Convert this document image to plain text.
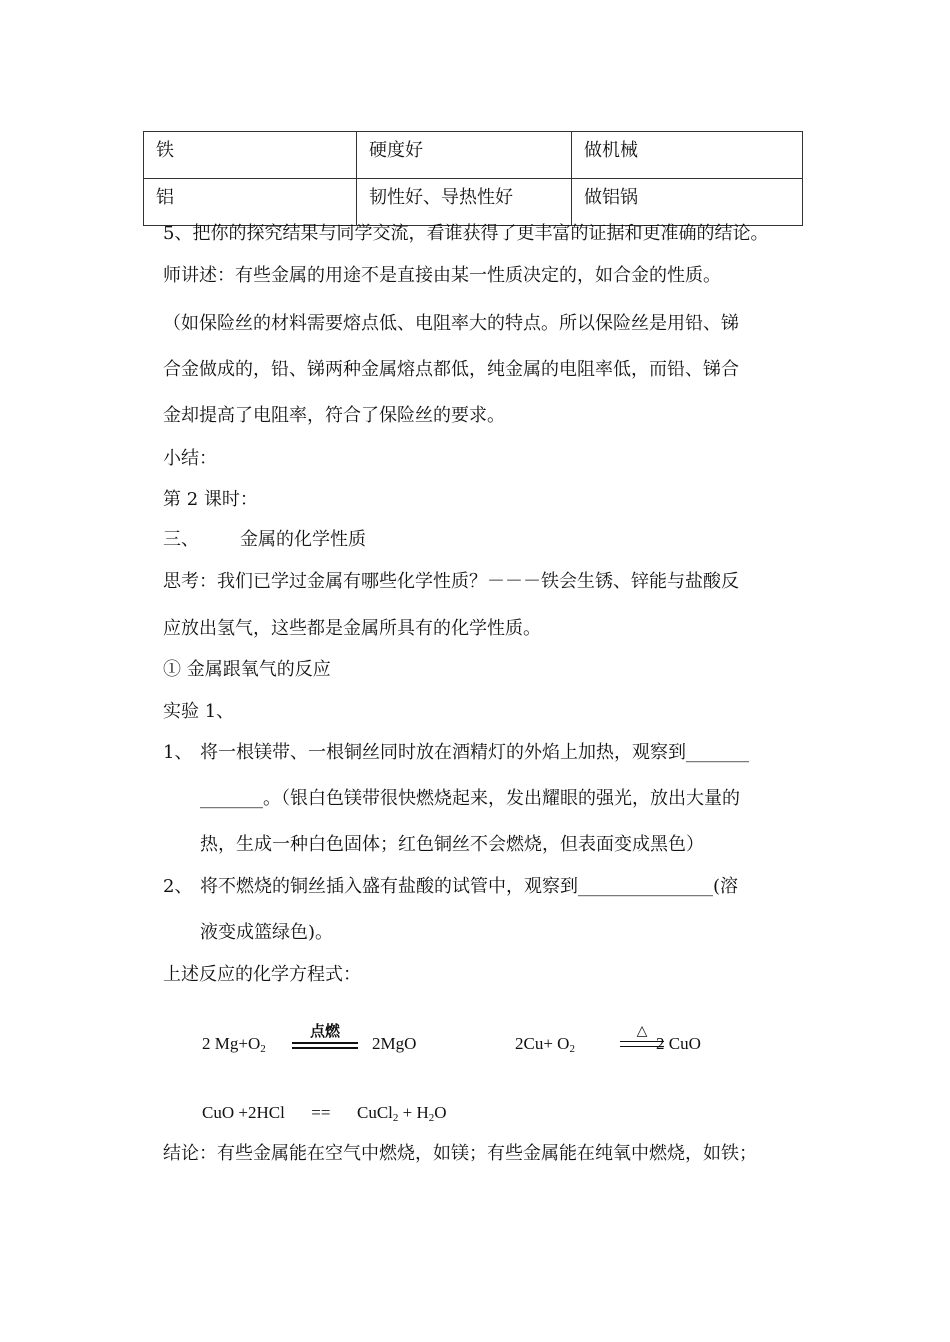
铁	硬度好	做机械
铝	韧性好、导热性好	做铝锅
5、把你的探究结果与同学交流，看谁获得了更丰富的证据和更准确的结论。
师讲述：有些金属的用途不是直接由某一性质决定的，如合金的性质。
（如保险丝的材料需要熔点低、电阻率大的特点。所以保险丝是用铅、锑
合金做成的，铅、锑两种金属熔点都低，纯金属的电阻率低，而铅、锑合
金却提高了电阻率，符合了保险丝的要求。
小结：
第 2 课时：
三、 金属的化学性质
思考：我们已学过金属有哪些化学性质？－－－铁会生锈、锌能与盐酸反
应放出氢气，这些都是金属所具有的化学性质。
① 金属跟氧气的反应
实验 1、
1、 将一根镁带、一根铜丝同时放在酒精灯的外焰上加热，观察到_______
_______。（银白色镁带很快燃烧起来，发出耀眼的强光，放出大量的
热，生成一种白色固体；红色铜丝不会燃烧，但表面变成黑色）
2、 将不燃烧的铜丝插入盛有盐酸的试管中，观察到_______________(溶
液变成篮绿色)。
上述反应的化学方程式：
2 $Mg+O_2$
点燃
2MgO	$2Cu+ O_2$
△
2 CuO
CuO +2HCl == CuCl$_2$ + $H_2O$
结论：有些金属能在空气中燃烧，如镁；有些金属能在纯氧中燃烧，如铁；
